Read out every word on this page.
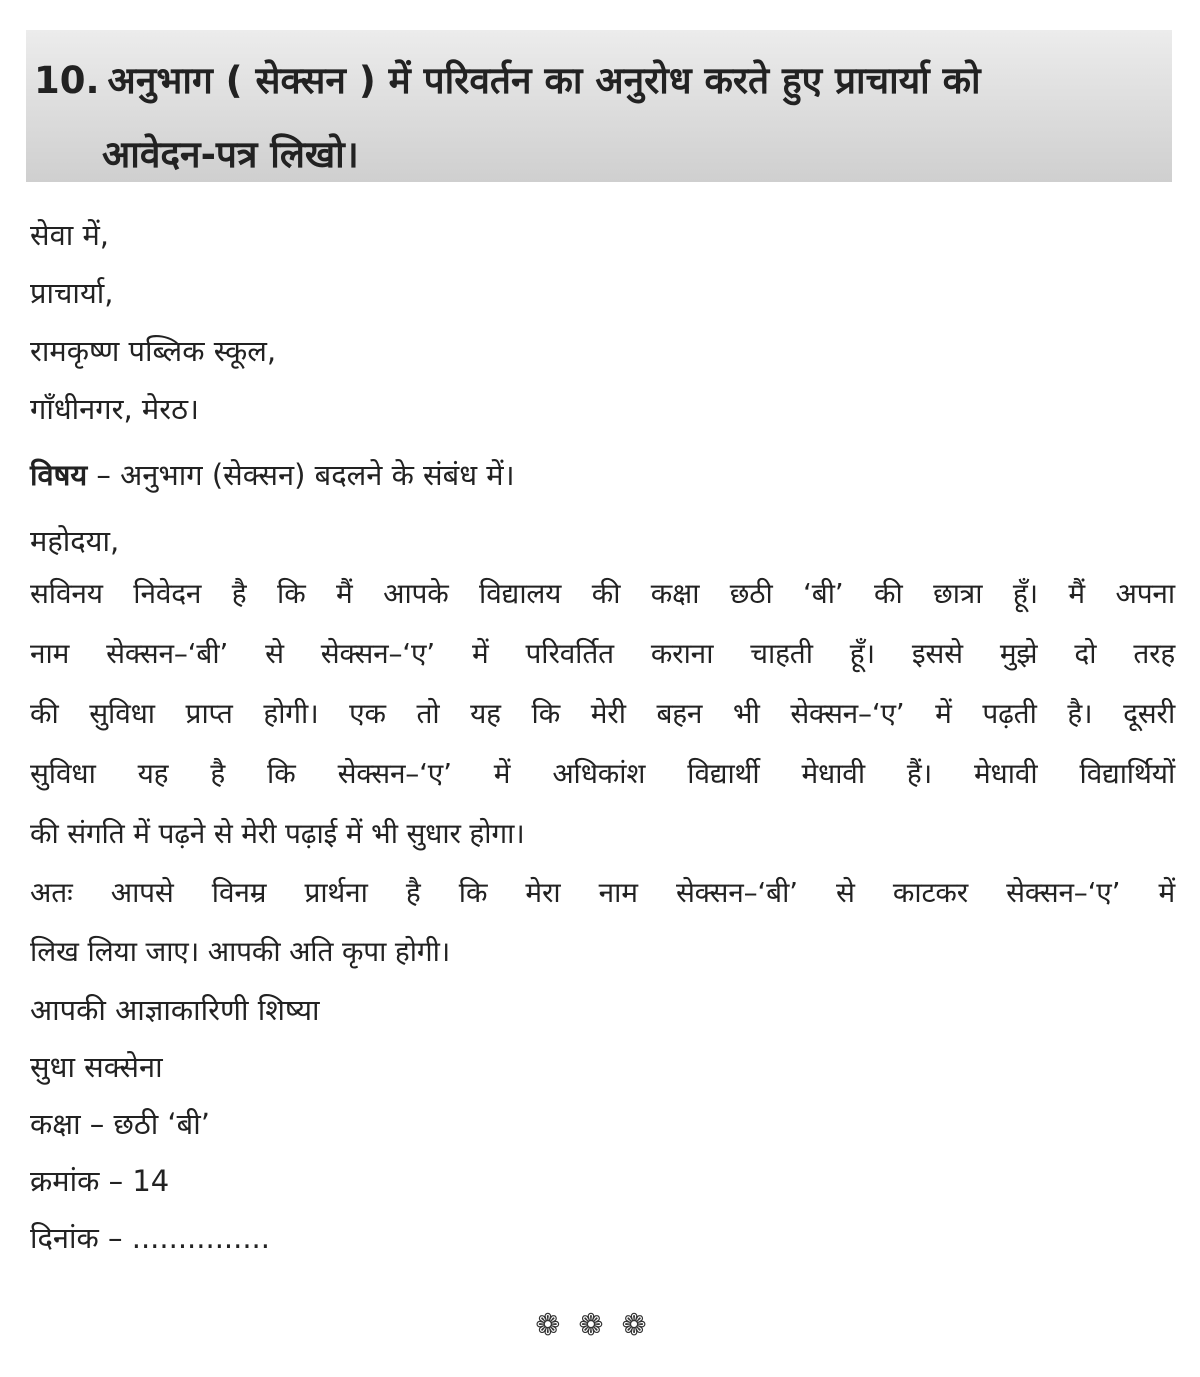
10. अनुभाग ( सेक्सन ) में परिवर्तन का अनुरोध करते हुए प्राचार्या को
आवेदन-पत्र लिखो।
सेवा में,
प्राचार्या,
रामकृष्ण पब्लिक स्कूल,
गाँधीनगर, मेरठ।
विषय – अनुभाग (सेक्सन) बदलने के संबंध में।
महोदया,
सविनय निवेदन है कि मैं आपके विद्यालय की कक्षा छठी ‘बी’ की छात्रा हूँ। मैं अपना
नाम सेक्सन–‘बी’ से सेक्सन–‘ए’ में परिवर्तित कराना चाहती हूँ। इससे मुझे दो तरह
की सुविधा प्राप्त होगी। एक तो यह कि मेरी बहन भी सेक्सन–‘ए’ में पढ़ती है। दूसरी
सुविधा यह है कि सेक्सन–‘ए’ में अधिकांश विद्यार्थी मेधावी हैं। मेधावी विद्यार्थियों
की संगति में पढ़ने से मेरी पढ़ाई में भी सुधार होगा।
अतः आपसे विनम्र प्रार्थना है कि मेरा नाम सेक्सन–‘बी’ से काटकर सेक्सन–‘ए’ में
लिख लिया जाए। आपकी अति कृपा होगी।
आपकी आज्ञाकारिणी शिष्या
सुधा सक्सेना
कक्षा – छठी ‘बी’
क्रमांक – 14
दिनांक – ...............
❁❁❁
